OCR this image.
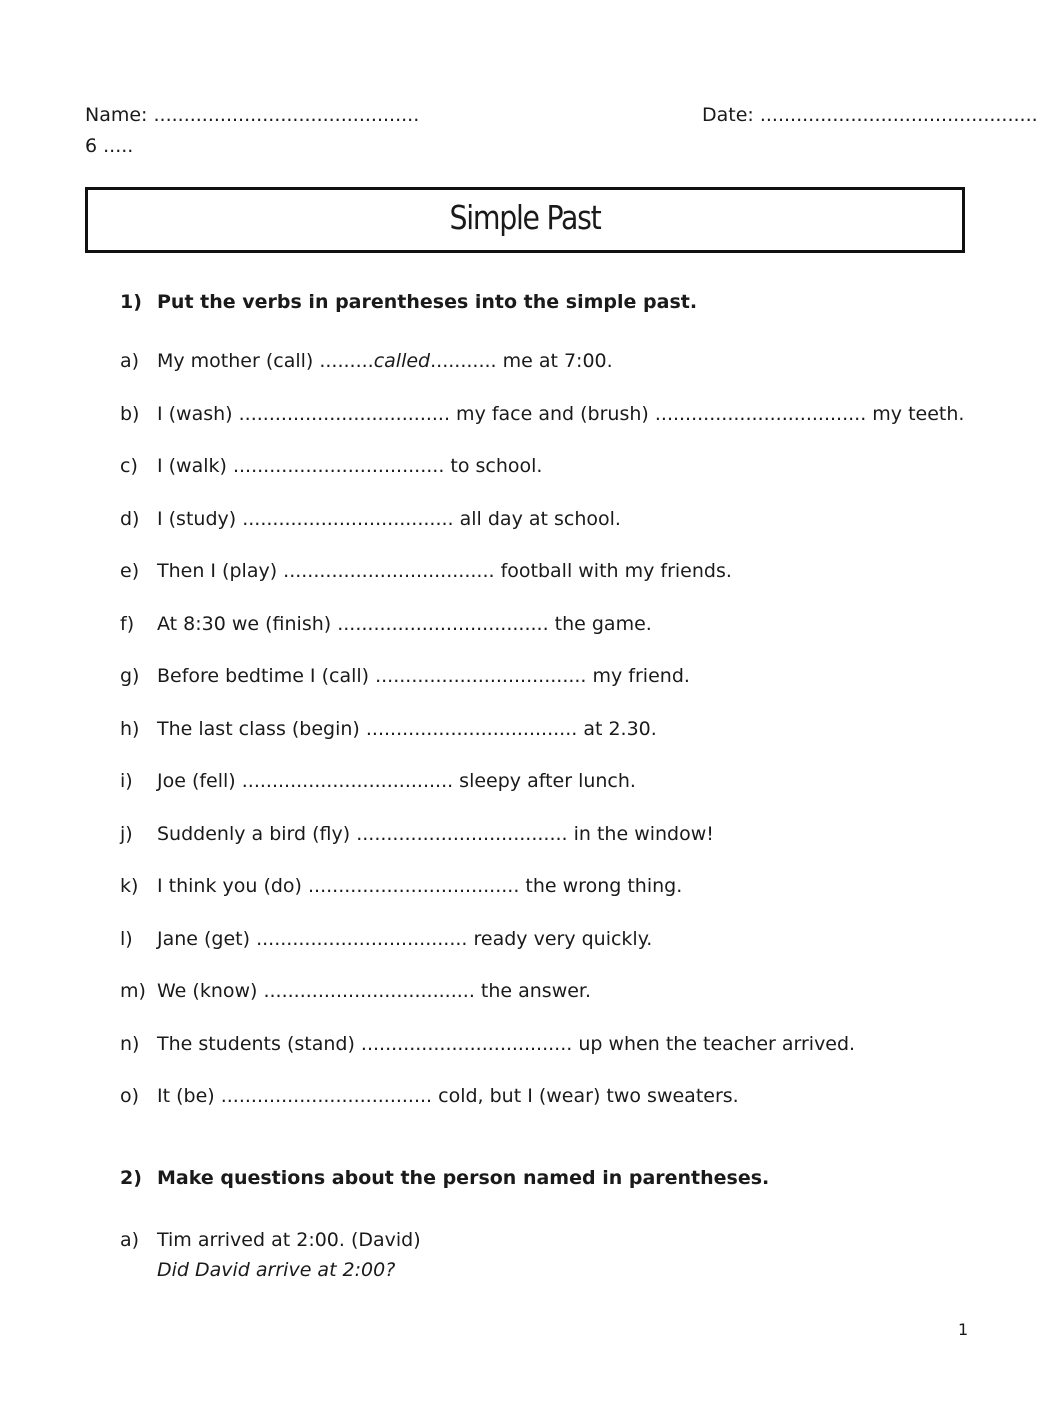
Name: ............................................	Date: ..............................................
6 .....
Simple Past
1) Put the verbs in parentheses into the simple past.
a) My mother (call) .........called........... me at 7:00.
b) I (wash) ................................... my face and (brush) ................................... my teeth.
c) I (walk) ................................... to school.
d) I (study) ................................... all day at school.
e) Then I (play) ................................... football with my friends.
f) At 8:30 we (finish) ................................... the game.
g) Before bedtime I (call) ................................... my friend.
h) The last class (begin) ................................... at 2.30.
i) Joe (fell) ................................... sleepy after lunch.
j) Suddenly a bird (fly) ................................... in the window!
k) I think you (do) ................................... the wrong thing.
l) Jane (get) ................................... ready very quickly.
m) We (know) ................................... the answer.
n) The students (stand) ................................... up when the teacher arrived.
o) It (be) ................................... cold, but I (wear) two sweaters.
2) Make questions about the person named in parentheses.
a) Tim arrived at 2:00. (David)
Did David arrive at 2:00?
1
